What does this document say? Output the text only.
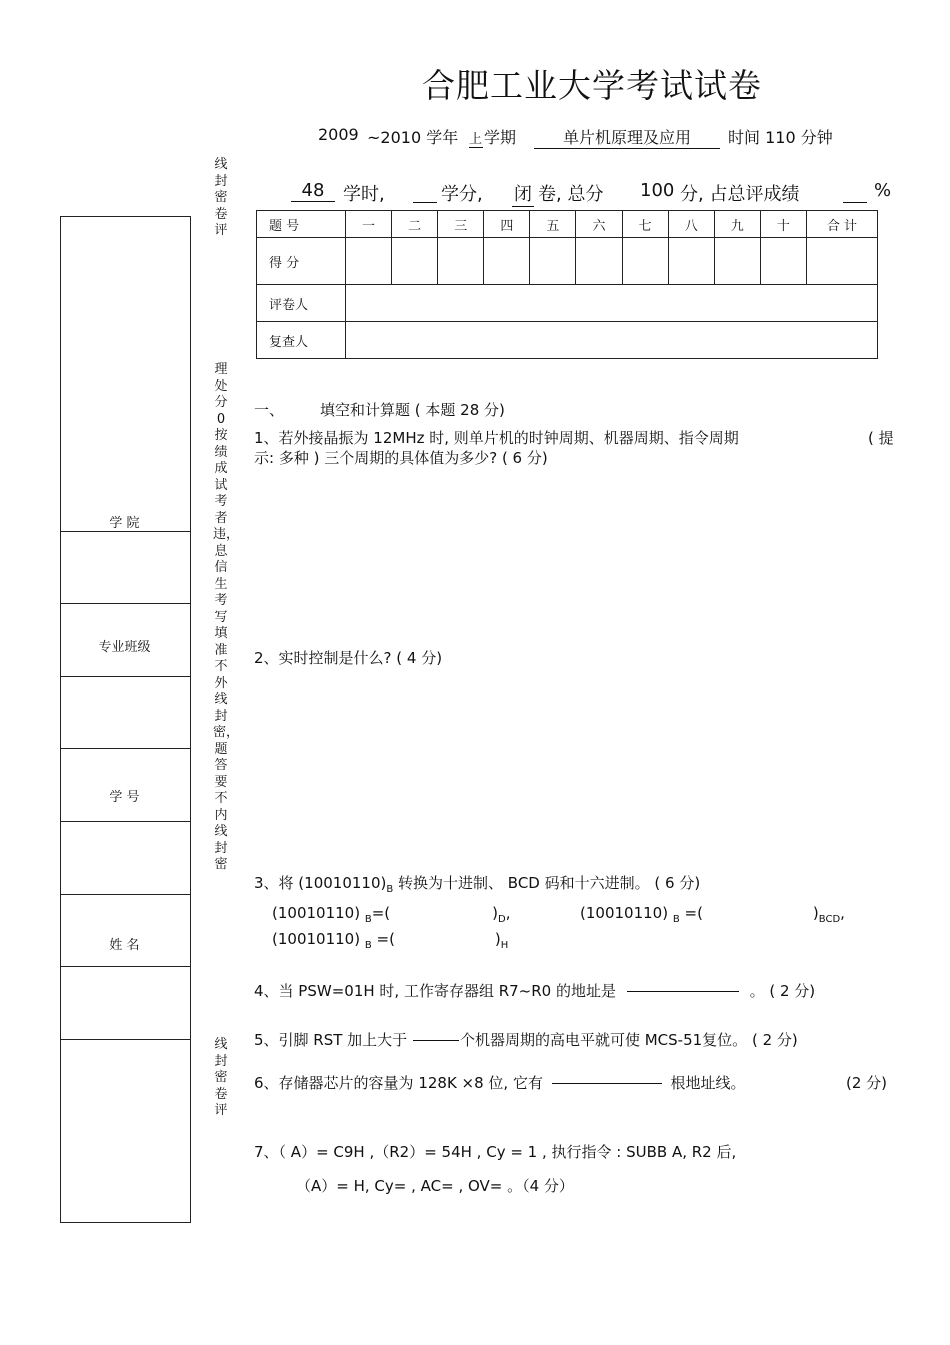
合肥工业大学考试试卷
2009 ~2010 学年 上 学期	单片机原理及应用	时间 110 分钟
48	学时,	学分, 闭 卷, 总分 100 分, 占总评成绩	%
线封密卷评
理处分0按绩成试考者违，息信生考写填准不外线封密，题答要不内线封密
线封密卷评
题 号	一	二	三	四	五	六	七	八	九	十	合 计
得 分											
评卷人											
复查人											
学 院
专业班级
学 号
姓 名
一、 填空和计算题 ( 本题 28 分)
1、若外接晶振为 12MHz 时, 则单片机的时钟周期、机器周期、指令周期	( 提
示: 多种 ) 三个周期的具体值为多少? ( 6 分)
2、实时控制是什么? ( 4 分)
3、将 $(10010110)_B$ 转换为十进制、 BCD 码和十六进制。 ( 6 分)
(10010110) $_B$=(	)$_D$,	(10010110) $_B$ =(	)$_{BCD}$,
(10010110) $_B$ =(	)$_H$
4、当 PSW=01H 时, 工作寄存器组 R7~R0 的地址是	。 ( 2 分)
5、引脚 RST 加上大于	个机器周期的高电平就可使 MCS-51复位。 ( 2 分)
6、存储器芯片的容量为 128K ×8 位, 它有	根地址线。	(2 分)
7、（ A）= C9H ,（R2）= 54H , Cy = 1 , 执行指令 : SUBB A, R2 后,
（A）= H, Cy= , AC= , OV= 。（4 分）
